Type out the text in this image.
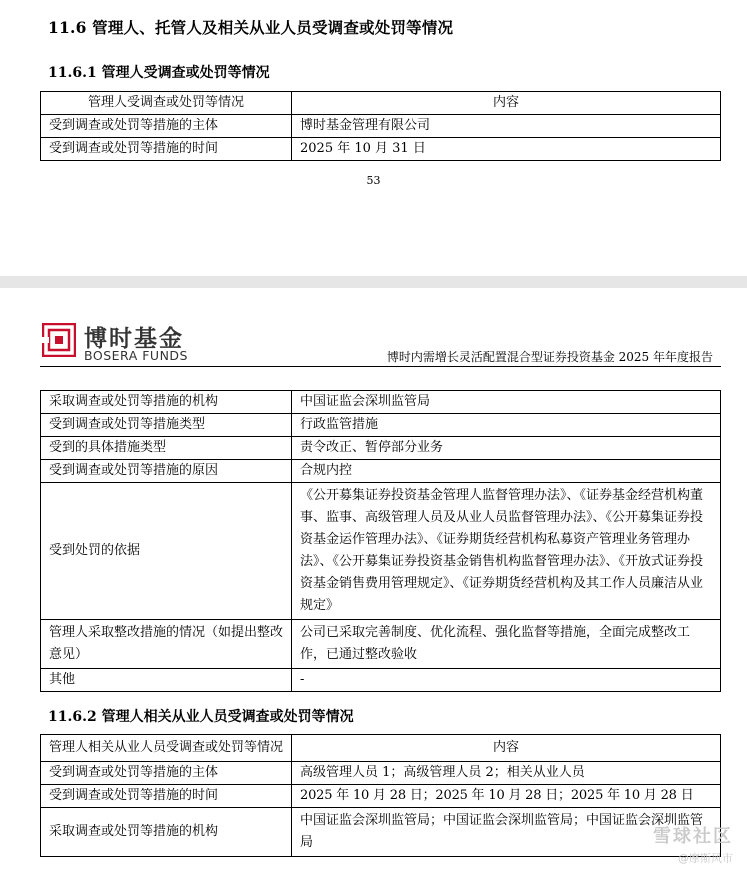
11.6 管理人、托管人及相关从业人员受调查或处罚等情况
11.6.1 管理人受调查或处罚等情况
管理人受调查或处罚等情况	内容
受到调查或处罚等措施的主体	博时基金管理有限公司
受到调查或处罚等措施的时间	2025 年 10 月 31 日
53
博时基金
BOSERA FUNDS	博时内需增长灵活配置混合型证券投资基金 2025 年年度报告
采取调查或处罚等措施的机构	中国证监会深圳监管局
受到调查或处罚等措施类型	行政监管措施
受到的具体措施类型	责令改正、暂停部分业务
受到调查或处罚等措施的原因	合规内控
受到处罚的依据	《公开募集证券投资基金管理人监督管理办法》、《证券基金经营机构董事、监事、高级管理人员及从业人员监督管理办法》、《公开募集证券投资基金运作管理办法》、《证券期货经营机构私募资产管理业务管理办法》、《公开募集证券投资基金销售机构监督管理办法》、《开放式证券投资基金销售费用管理规定》、《证券期货经营机构及其工作人员廉洁从业规定》
管理人采取整改措施的情况（如提出整改意见）	公司已采取完善制度、优化流程、强化监督等措施，全面完成整改工作，已通过整改验收
其他	-
11.6.2 管理人相关从业人员受调查或处罚等情况
管理人相关从业人员受调查或处罚等情况	内容
受到调查或处罚等措施的主体	高级管理人员 1；高级管理人员 2；相关从业人员
受到调查或处罚等措施的时间	2025 年 10 月 28 日；2025 年 10 月 28 日；2025 年 10 月 28 日
采取调查或处罚等措施的机构	中国证监会深圳监管局；中国证监会深圳监管局；中国证监会深圳监管局	雪球社区
@摩斯风市
